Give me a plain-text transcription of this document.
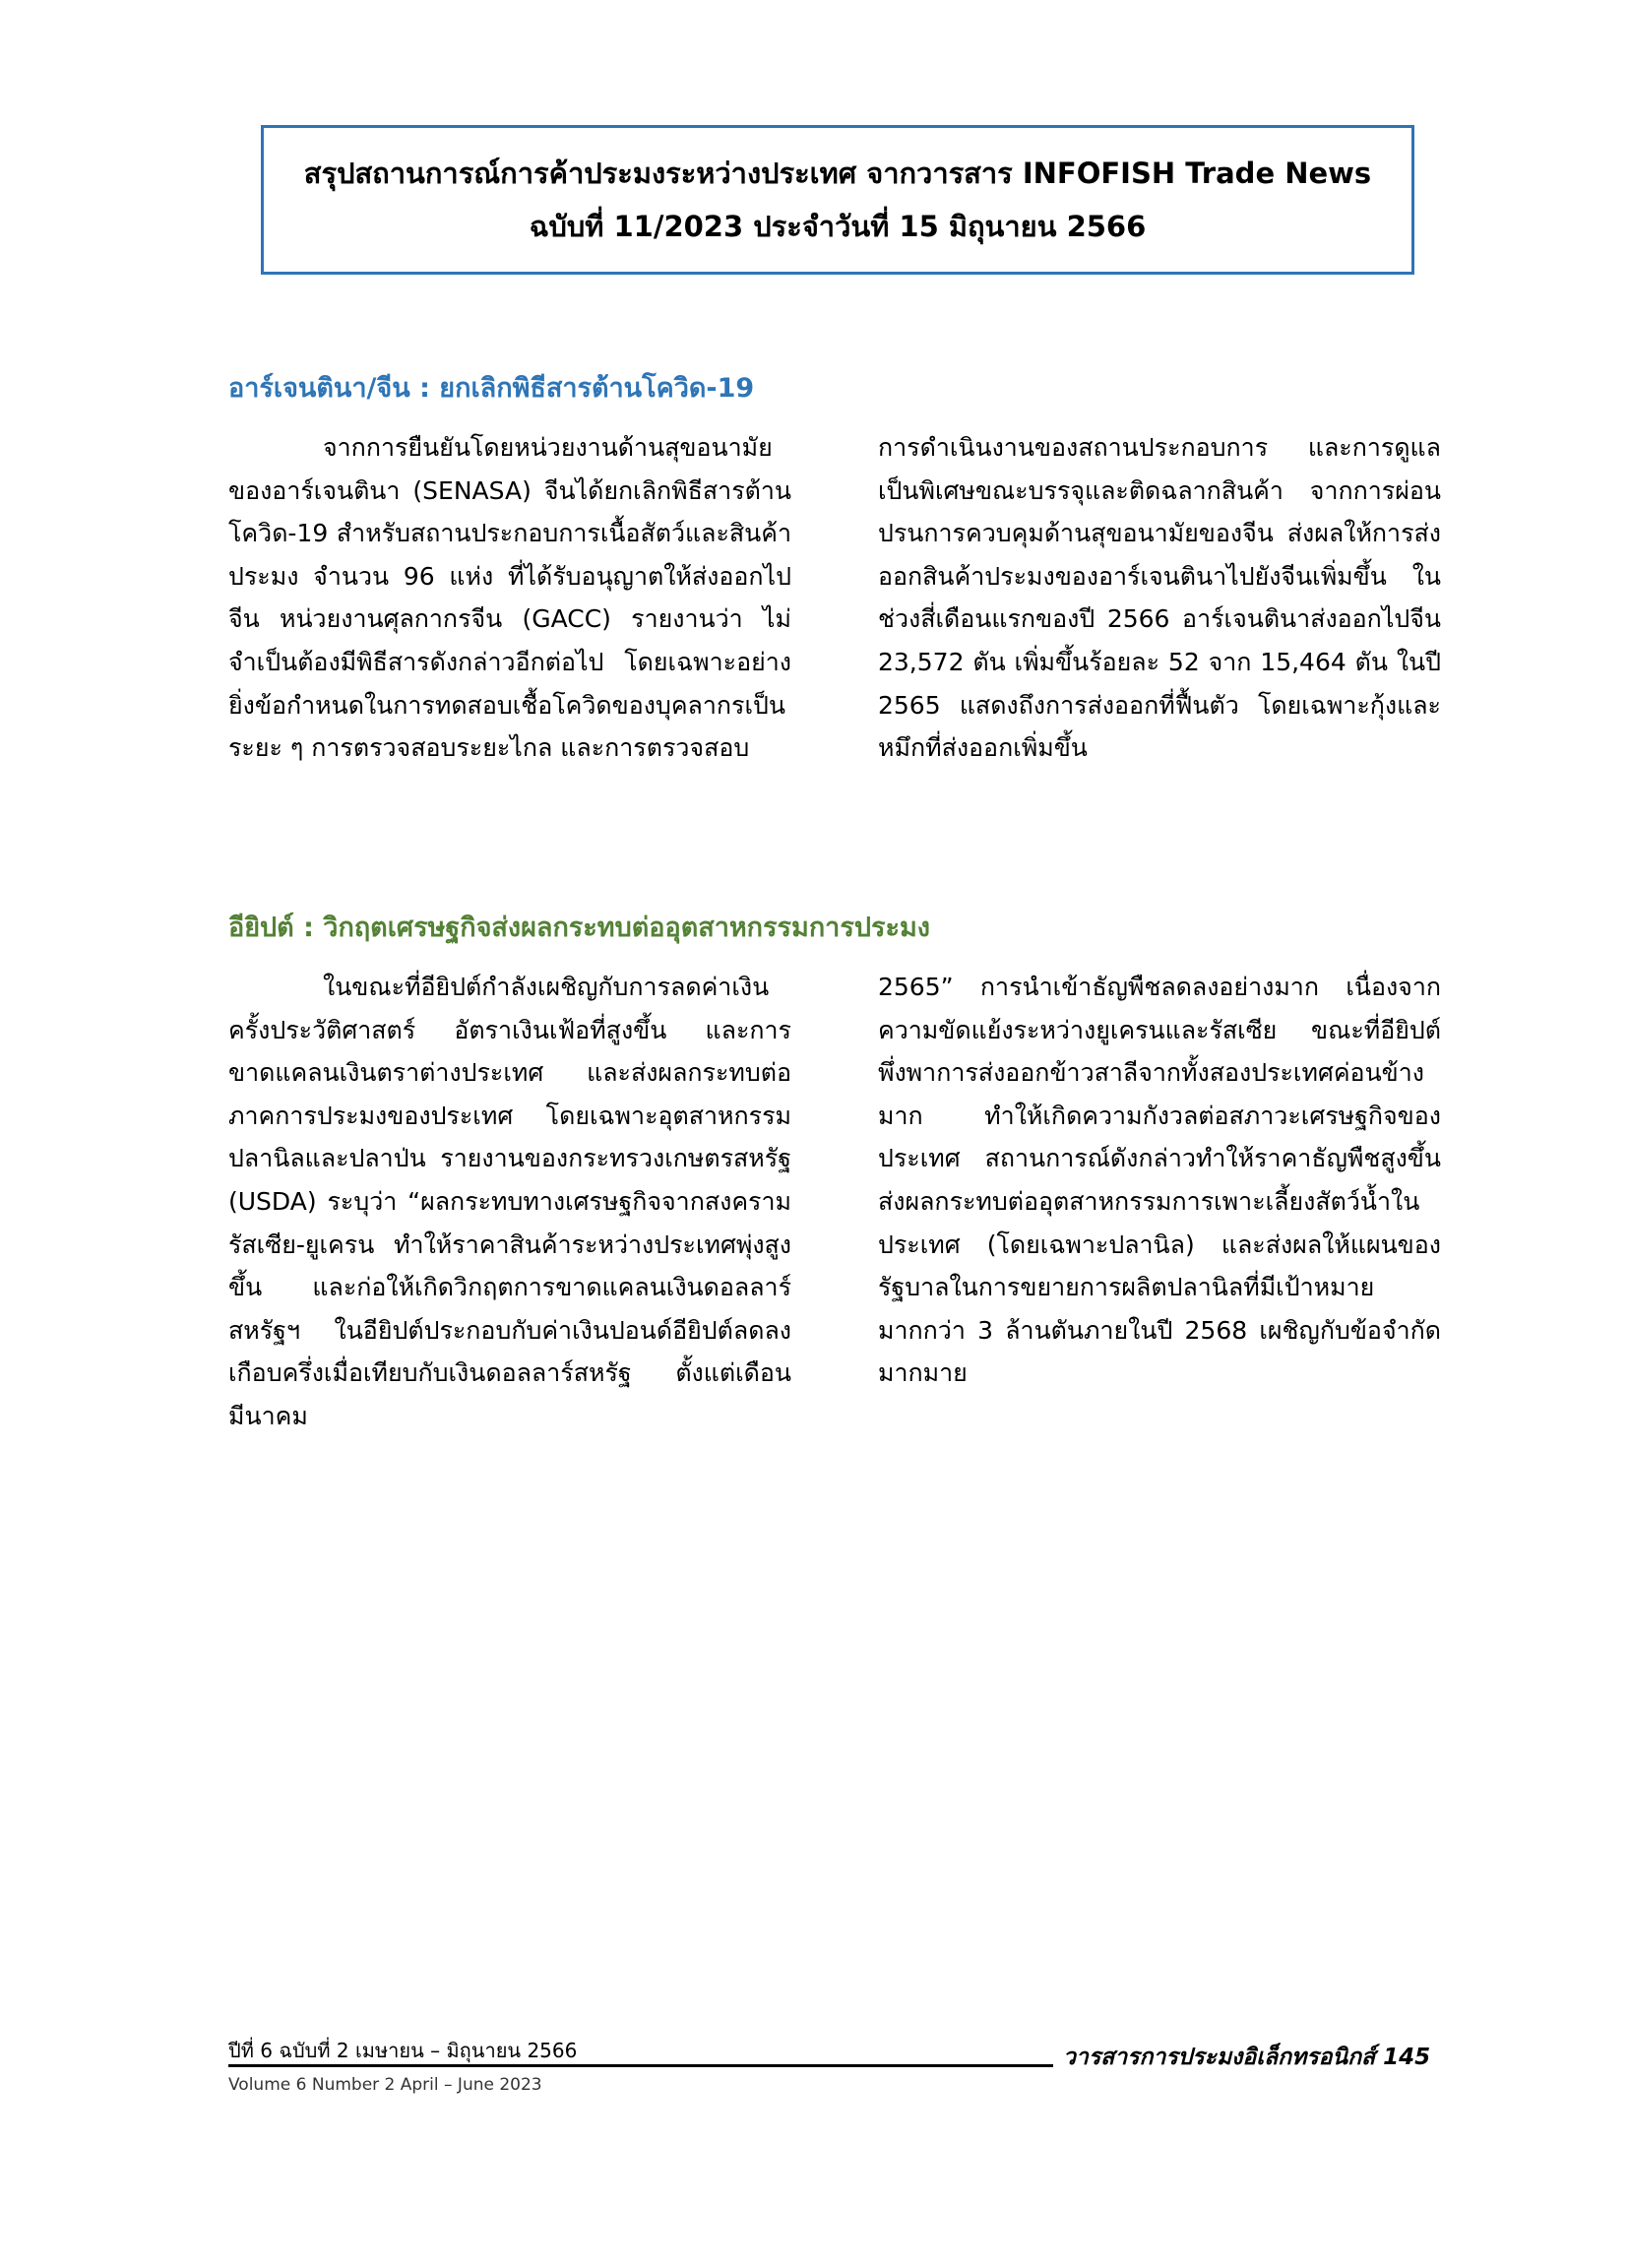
สรุปสถานการณ์การค้าประมงระหว่างประเทศ จากวารสาร INFOFISH Trade News
ฉบับที่ 11/2023 ประจำวันที่ 15 มิถุนายน 2566
อาร์เจนตินา/จีน : ยกเลิกพิธีสารต้านโควิด-19
จากการยืนยันโดยหน่วยงานด้านสุขอนามัยของอาร์เจนตินา (SENASA) จีนได้ยกเลิกพิธีสารต้านโควิด-19 สำหรับสถานประกอบการเนื้อสัตว์และสินค้าประมง จำนวน 96 แห่ง ที่ได้รับอนุญาตให้ส่งออกไปจีน หน่วยงานศุลกากรจีน (GACC) รายงานว่า ไม่จำเป็นต้องมีพิธีสารดังกล่าวอีกต่อไป โดยเฉพาะอย่างยิ่งข้อกำหนดในการทดสอบเชื้อโควิดของบุคลากรเป็นระยะ ๆ การตรวจสอบระยะไกล และการตรวจสอบ
การดำเนินงานของสถานประกอบการ และการดูแลเป็นพิเศษขณะบรรจุและติดฉลากสินค้า จากการผ่อนปรนการควบคุมด้านสุขอนามัยของจีน ส่งผลให้การส่งออกสินค้าประมงของอาร์เจนตินาไปยังจีนเพิ่มขึ้น ในช่วงสี่เดือนแรกของปี 2566 อาร์เจนตินาส่งออกไปจีน 23,572 ตัน เพิ่มขึ้นร้อยละ 52 จาก 15,464 ตัน ในปี 2565 แสดงถึงการส่งออกที่ฟื้นตัว โดยเฉพาะกุ้งและหมึกที่ส่งออกเพิ่มขึ้น
อียิปต์ : วิกฤตเศรษฐกิจส่งผลกระทบต่ออุตสาหกรรมการประมง
ในขณะที่อียิปต์กำลังเผชิญกับการลดค่าเงินครั้งประวัติศาสตร์ อัตราเงินเฟ้อที่สูงขึ้น และการขาดแคลนเงินตราต่างประเทศ และส่งผลกระทบต่อภาคการประมงของประเทศ โดยเฉพาะอุตสาหกรรมปลานิลและปลาป่น รายงานของกระทรวงเกษตรสหรัฐ (USDA) ระบุว่า “ผลกระทบทางเศรษฐกิจจากสงครามรัสเซีย-ยูเครน ทำให้ราคาสินค้าระหว่างประเทศพุ่งสูงขึ้น และก่อให้เกิดวิกฤตการขาดแคลนเงินดอลลาร์สหรัฐฯ ในอียิปต์ประกอบกับค่าเงินปอนด์อียิปต์ลดลงเกือบครึ่งเมื่อเทียบกับเงินดอลลาร์สหรัฐ ตั้งแต่เดือนมีนาคม
2565” การนำเข้าธัญพืชลดลงอย่างมาก เนื่องจากความขัดแย้งระหว่างยูเครนและรัสเซีย ขณะที่อียิปต์พึ่งพาการส่งออกข้าวสาลีจากทั้งสองประเทศค่อนข้างมาก ทำให้เกิดความกังวลต่อสภาวะเศรษฐกิจของประเทศ สถานการณ์ดังกล่าวทำให้ราคาธัญพืชสูงขึ้น ส่งผลกระทบต่ออุตสาหกรรมการเพาะเลี้ยงสัตว์น้ำในประเทศ (โดยเฉพาะปลานิล) และส่งผลให้แผนของรัฐบาลในการขยายการผลิตปลานิลที่มีเป้าหมายมากกว่า 3 ล้านตันภายในปี 2568 เผชิญกับข้อจำกัดมากมาย
ปีที่ 6 ฉบับที่ 2 เมษายน – มิถุนายน 2566	วารสารการประมงอิเล็กทรอนิกส์ 145
Volume 6 Number 2 April – June 2023
